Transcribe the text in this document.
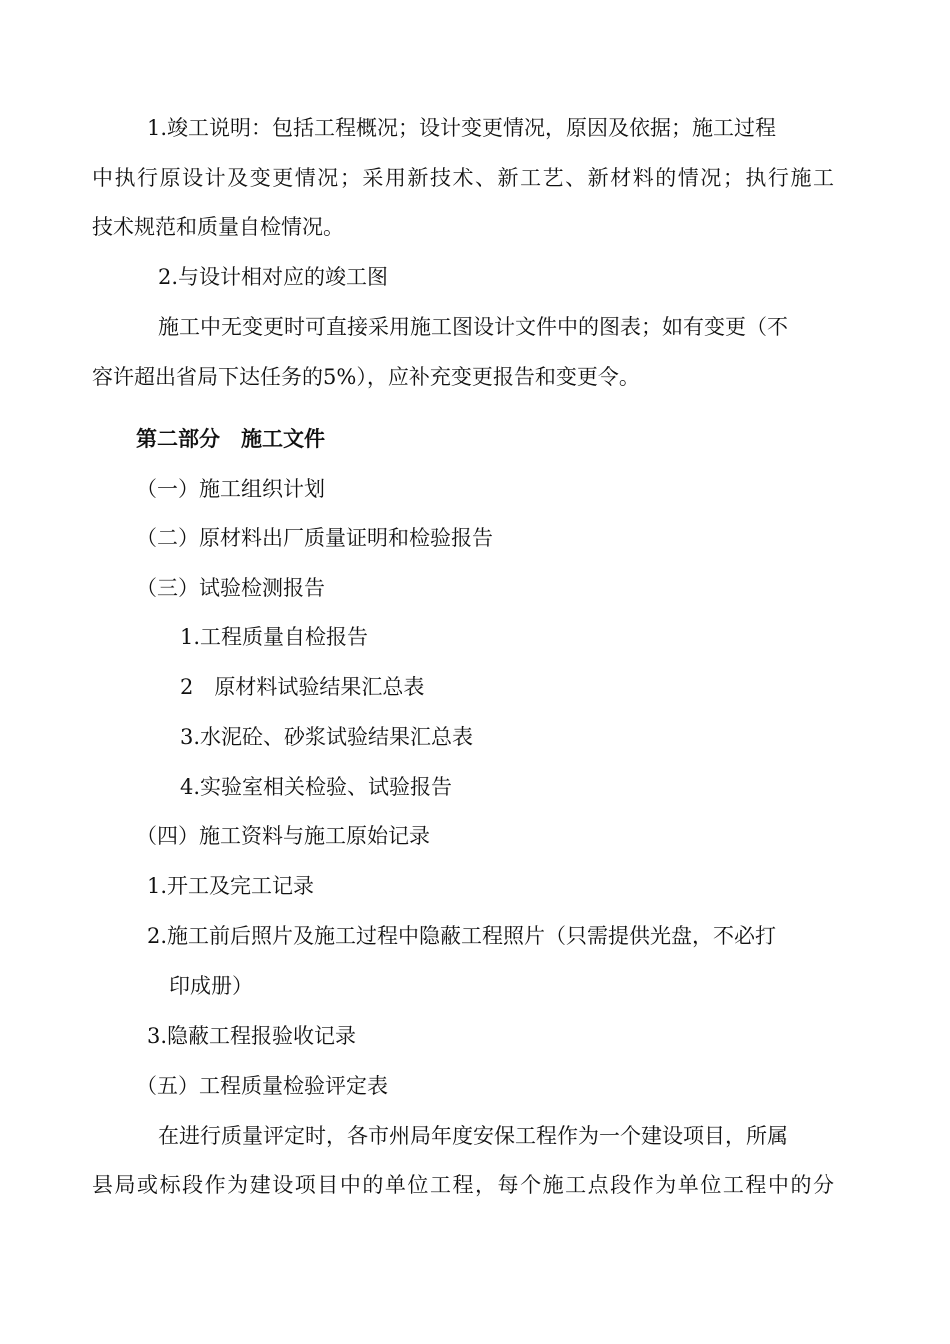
1.竣工说明：包括工程概况；设计变更情况，原因及依据；施工过程
中执行原设计及变更情况；采用新技术、新工艺、新材料的情况；执行施工
技术规范和质量自检情况。
2.与设计相对应的竣工图
施工中无变更时可直接采用施工图设计文件中的图表；如有变更（不
容许超出省局下达任务的5%），应补充变更报告和变更令。
第二部分　施工文件
（一）施工组织计划
（二）原材料出厂质量证明和检验报告
（三）试验检测报告
1.工程质量自检报告
2　原材料试验结果汇总表
3.水泥砼、砂浆试验结果汇总表
4.实验室相关检验、试验报告
（四）施工资料与施工原始记录
1.开工及完工记录
2.施工前后照片及施工过程中隐蔽工程照片（只需提供光盘，不必打
印成册）
3.隐蔽工程报验收记录
（五）工程质量检验评定表
在进行质量评定时，各市州局年度安保工程作为一个建设项目，所属
县局或标段作为建设项目中的单位工程，每个施工点段作为单位工程中的分
